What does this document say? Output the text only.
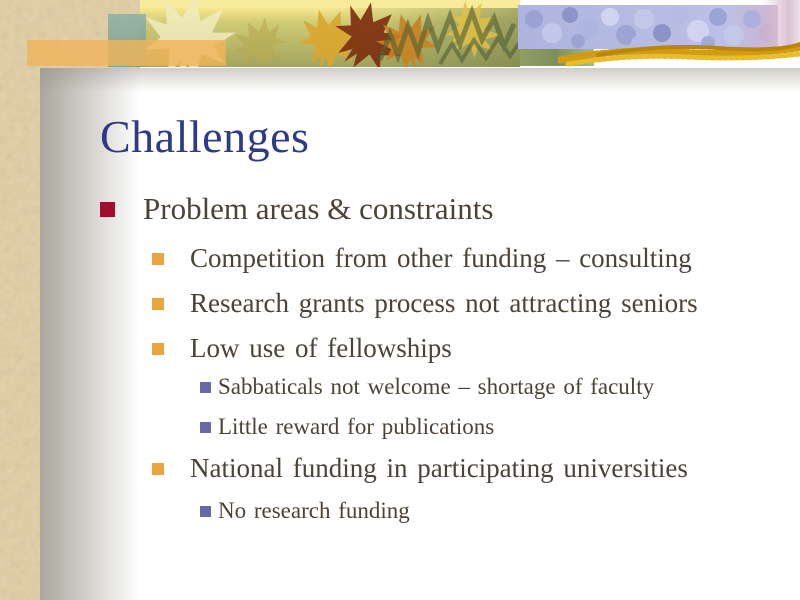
Challenges
Problem areas & constraints
Competition from other funding – consulting
Research grants process not attracting seniors
Low use of fellowships
Sabbaticals not welcome – shortage of faculty
Little reward for publications
National funding in participating universities
No research funding
